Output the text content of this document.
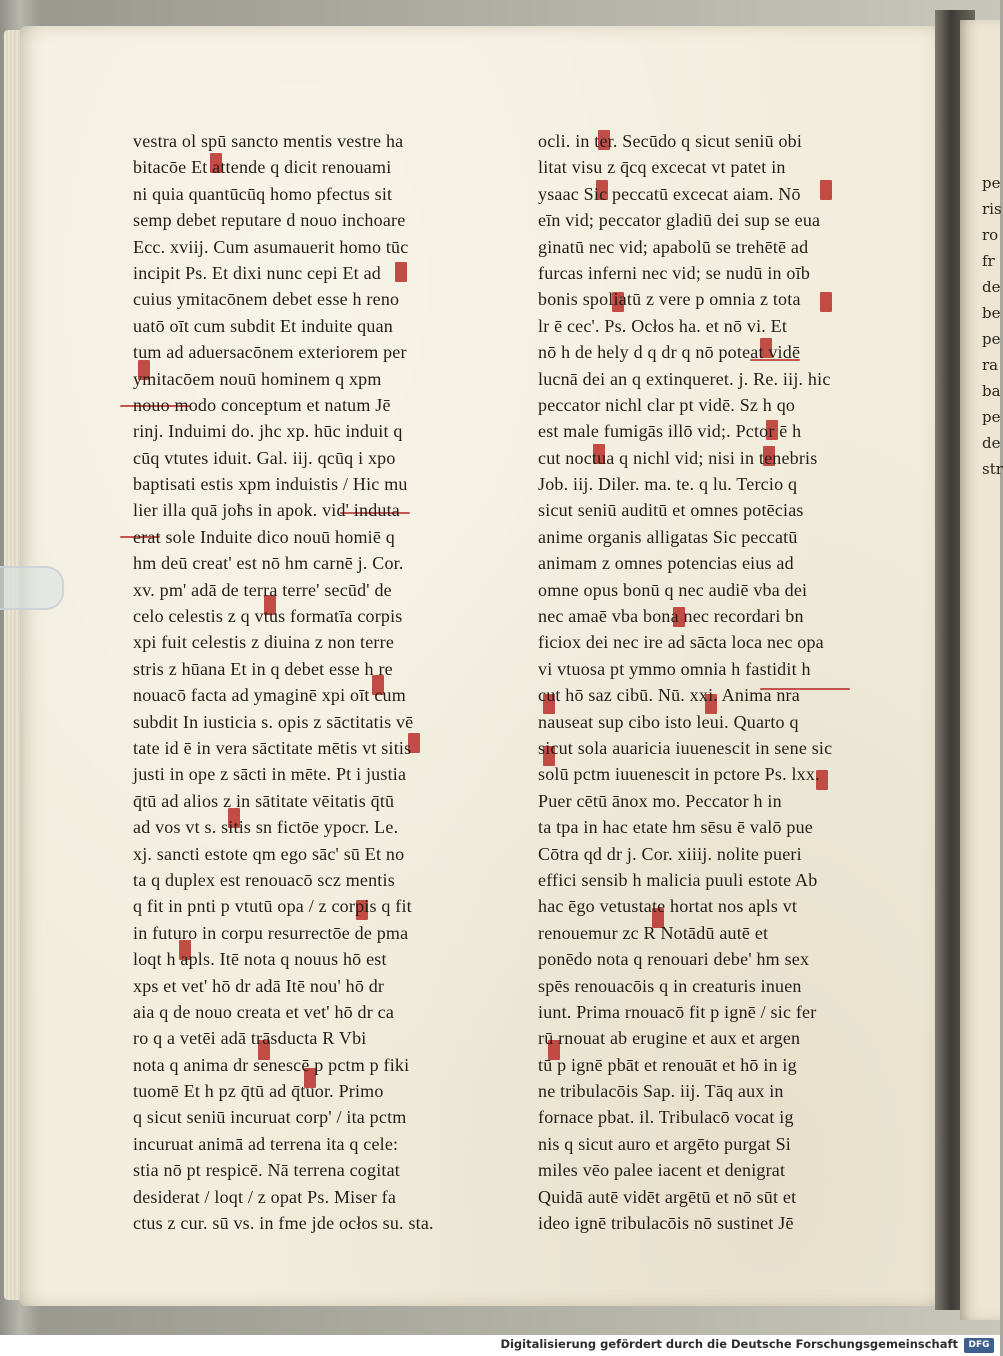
pe
ris
ro
fr
de
be
pe
ra
ba
pe
de
str
vestra ol spū sancto mentis vestre ha
bitacōe Et attende q dicit renouami
ni quia quantūcūq homo pfectus sit
semp debet reputare d nouo inchoare
Ecc. xviij. Cum asumauerit homo tūc
incipit Ps. Et dixi nunc cepi Et ad
cuius ymitacōnem debet esse h reno
uatō oīt cum subdit Et induite quan
tum ad aduersacōnem exteriorem per
ymitacōem nouū hominem q xpm
nouo modo conceptum et natum Jē
rinj. Induimi do. jhc xp. hūc induit q
cūq vtutes iduit. Gal. iij. qcūq i xpo
baptisati estis xpm induistis / Hic mu
lier illa quā joħs in apok. vid' induta
erat sole Induite dico nouū homiē q
hm deū creat' est nō hm carnē j. Cor.
xv. pm' adā de terra terre' secūd' de
celo celestis z q vtus formatīa corpis
xpi fuit celestis z diuina z non terre
stris z hūana Et in q debet esse h re
nouacō facta ad ymaginē xpi oīt cum
subdit In iusticia s. opis z sāctitatis vē
tate id ē in vera sāctitate mētis vt sitis
justi in ope z sācti in mēte. Pt i justia
q̄tū ad alios z in sātitate vēitatis q̄tū
ad vos vt s. sitis sn fictōe ypocr. Le.
xj. sancti estote qm ego sāc' sū Et no
ta q duplex est renouacō scz mentis
q fit in pnti p vtutū opa / z corpis q fit
in futuro in corpu resurrectōe de pma
loqt h apls. Itē nota q nouus hō est
xps et vet' hō dr adā Itē nou' hō dr
aia q de nouo creata et vet' hō dr ca
ro q a vetēi adā trāsducta R Vbi
nota q anima dr senescē p pctm p fiki
tuomē Et h pz q̄tū ad q̄tuor. Primo
q sicut seniū incuruat corp' / ita pctm
incuruat animā ad terrena ita q cele:
stia nō pt respicē. Nā terrena cogitat
desiderat / loqt / z opat Ps. Miser fa
ctus z cur. sū vs. in fme jde ocłos su. sta.
ocli. in ter. Secūdo q sicut seniū obi
litat visu z q̄cq excecat vt patet in
ysaac Sic peccatū excecat aiam. Nō
eīn vid; peccator gladiū dei sup se eua
ginatū nec vid; apabolū se trehētē ad
furcas inferni nec vid; se nudū in oīb
bonis spoliatū z vere p omnia z tota
lr ē cec'. Ps. Ocłos ha. et nō vi. Et
nō h de hely d q dr q nō poteat vidē
lucnā dei an q extinqueret. j. Re. iij. hic
peccator nichl clar pt vidē. Sz h qo
est male fumigās illō vid;. Pctor ē h
cut noctua q nichl vid; nisi in tenebris
Job. iij. Diler. ma. te. q lu. Tercio q
sicut seniū auditū et omnes potēcias
anime organis alligatas Sic peccatū
animam z omnes potencias eius ad
omne opus bonū q nec audiē vba dei
nec amaē vba bona nec recordari bn
ficiox dei nec ire ad sācta loca nec opa
vi vtuosa pt ymmo omnia h fastidit h
cut hō saz cibū. Nū. xxi. Anima nra
nauseat sup cibo isto leui. Quarto q
sicut sola auaricia iuuenescit in sene sic
solū pctm iuuenescit in pctore Ps. lxx.
Puer cētū ānox mo. Peccator h in
ta tpa in hac etate hm sēsu ē valō pue
Cōtra qd dr j. Cor. xiiij. nolite pueri
effici sensib h malicia puuli estote Ab
hac ēgo vetustate hortat nos apls vt
renouemur zc R Notādū autē et
ponēdo nota q renouari debe' hm sex
spēs renouacōis q in creaturis inuen
iunt. Prima rnouacō fit p ignē / sic fer
rū rnouat ab erugine et aux et argen
tū p ignē pbāt et renouāt et hō in ig
ne tribulacōis Sap. iij. Tāq aux in
fornace pbat. il. Tribulacō vocat ig
nis q sicut auro et argēto purgat Si
miles vēo palee iacent et denigrat
Quidā autē vidēt argētū et nō sūt et
ideo ignē tribulacōis nō sustinet Jē
Digitalisierung gefördert durch die Deutsche Forschungsgemeinschaft	DFG
